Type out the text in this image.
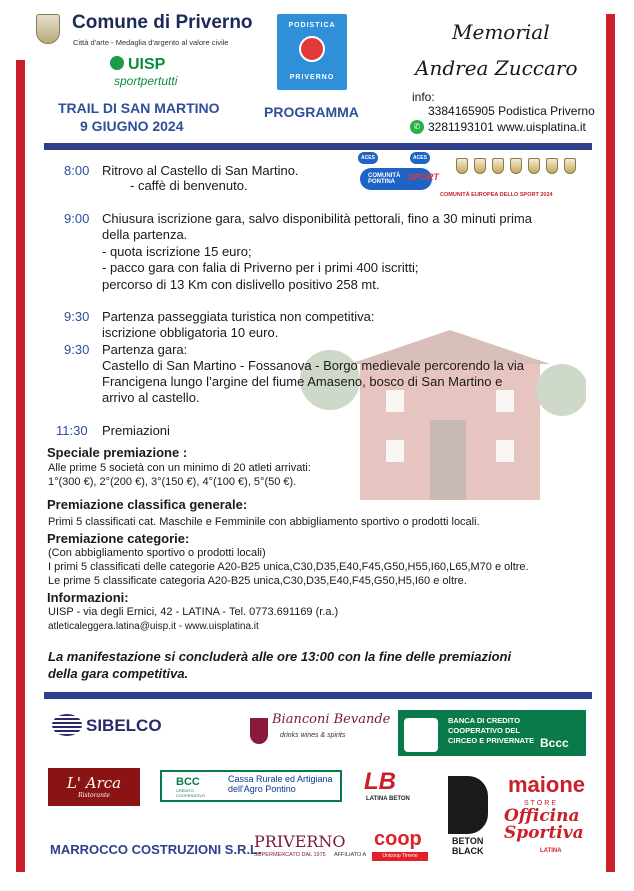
Comune di Priverno
Città d'arte - Medaglia d'argento al valore civile
UISP
sportpertutti
TRAIL DI SAN MARTINO
9 GIUGNO 2024
PODISTICA
PRIVERNO
PROGRAMMA
Memorial
Andrea Zuccaro
info:
3384165905 Podistica Priverno
✆ 3281193101 www.uisplatina.it
ACES	ACES
COMUNITÀ PONTINA	SPORT
COMUNITÀ EUROPEA DELLO SPORT 2024
8:00 Ritrovo al Castello di San Martino.
- caffè di benvenuto.
9:00 Chiusura iscrizione gara, salvo disponibilità pettorali, fino a 30 minuti prima
della partenza.
- quota iscrizione 15 euro;
- pacco gara con falia di Priverno per i primi 400 iscritti;
percorso di 13 Km con dislivello positivo 258 mt.
9:30 Partenza passeggiata turistica non competitiva:
iscrizione obbligatoria 10 euro.
9:30 Partenza gara:
Castello di San Martino - Fossanova - Borgo medievale percorendo la via
Francigena lungo l’argine del fiume Amaseno, bosco di San Martino e
arrivo al castello.
11:30 Premiazioni
Speciale premiazione :
Alle prime 5 società con un minimo di 20 atleti arrivati:
1°(300 €), 2°(200 €), 3°(150 €), 4°(100 €), 5°(50 €).
Premiazione classifica generale:
Primi 5 classificati cat. Maschile e Femminile con abbigliamento sportivo o prodotti locali.
Premiazione categorie:
(Con abbigliamento sportivo o prodotti locali)
I primi 5 classificati delle categorie A20-B25 unica,C30,D35,E40,F45,G50,H55,I60,L65,M70 e oltre.
Le prime 5 classificate categoria A20-B25 unica,C30,D35,E40,F45,G50,H5,I60 e oltre.
Informazioni:
UISP - via degli Ernici, 42 - LATINA - Tel. 0773.691169 (r.a.)
atleticaleggera.latina@uisp.it - www.uisplatina.it
La manifestazione si concluderà alle ore 13:00 con la fine delle premiazioni
della gara competitiva.
SIBELCO	Bianconi Bevande
drinks wines & spirits
BANCA DI CREDITO COOPERATIVO DEL CIRCEO E PRIVERNATE Bccc
L' Arca
Ristorante
BCC
CREDITO COOPERATIVO
Cassa Rurale ed Artigiana dell'Agro Pontino	LB
LATINA BETON
BETON
BLACK
maione
STORE
Officina Sportiva
LATINA
MARROCCO COSTRUZIONI S.R.L.
PRIVERNO
SUPERMERCATO DAL 1975 AFFILIATO A
coop
Unicoop Tirreno
